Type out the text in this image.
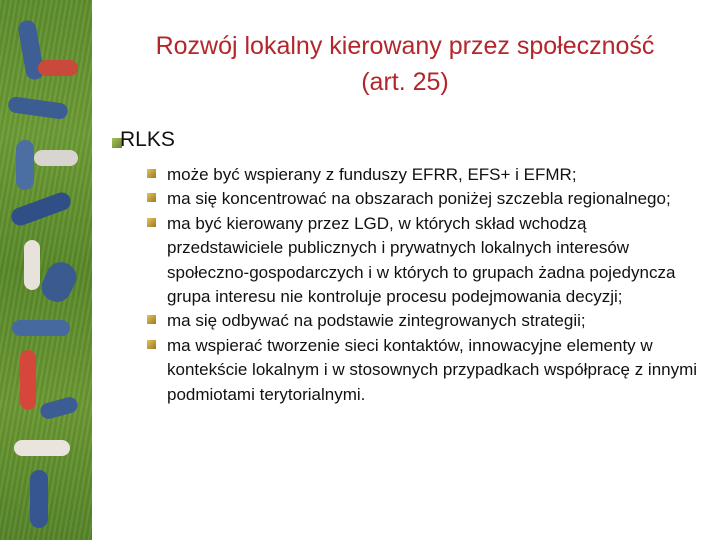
Rozwój lokalny kierowany przez społeczność
(art. 25)
RLKS
może być wspierany z funduszy EFRR, EFS+ i EFMR;
ma się koncentrować na obszarach poniżej szczebla regionalnego;
ma być kierowany przez LGD, w których skład wchodzą przedstawiciele publicznych i prywatnych lokalnych interesów społeczno-gospodarczych i w których to grupach żadna pojedyncza grupa interesu nie kontroluje procesu podejmowania decyzji;
ma się odbywać na podstawie zintegrowanych strategii;
ma wspierać tworzenie sieci kontaktów, innowacyjne elementy w kontekście lokalnym i w stosownych przypadkach współpracę z innymi podmiotami terytorialnymi.
